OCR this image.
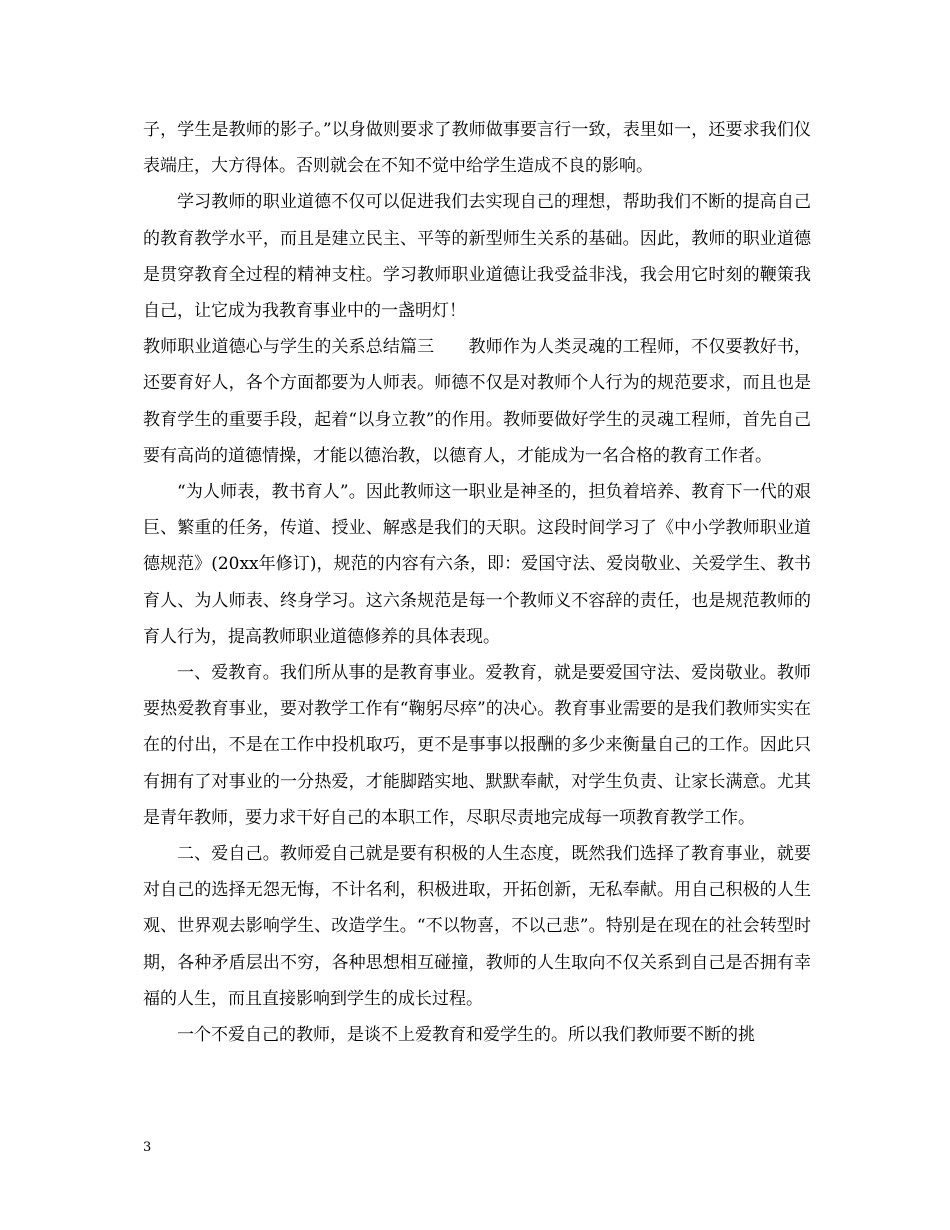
子，学生是教师的影子。”以身做则要求了教师做事要言行一致，表里如一，还要求我们仪表端庄，大方得体。否则就会在不知不觉中给学生造成不良的影响。

学习教师的职业道德不仅可以促进我们去实现自己的理想，帮助我们不断的提高自己的教育教学水平，而且是建立民主、平等的新型师生关系的基础。因此，教师的职业道德是贯穿教育全过程的精神支柱。学习教师职业道德让我受益非浅，我会用它时刻的鞭策我自己，让它成为我教育事业中的一盏明灯！

教师职业道德心与学生的关系总结篇三　　教师作为人类灵魂的工程师，不仅要教好书，还要育好人，各个方面都要为人师表。师德不仅是对教师个人行为的规范要求，而且也是教育学生的重要手段，起着“以身立教”的作用。教师要做好学生的灵魂工程师，首先自己要有高尚的道德情操，才能以德治教，以德育人，才能成为一名合格的教育工作者。

“为人师表，教书育人”。因此教师这一职业是神圣的，担负着培养、教育下一代的艰巨、繁重的任务，传道、授业、解惑是我们的天职。这段时间学习了《中小学教师职业道德规范》(20xx年修订)，规范的内容有六条，即：爱国守法、爱岗敬业、关爱学生、教书育人、为人师表、终身学习。这六条规范是每一个教师义不容辞的责任，也是规范教师的育人行为，提高教师职业道德修养的具体表现。

一、爱教育。我们所从事的是教育事业。爱教育，就是要爱国守法、爱岗敬业。教师要热爱教育事业，要对教学工作有“鞠躬尽瘁”的决心。教育事业需要的是我们教师实实在在的付出，不是在工作中投机取巧，更不是事事以报酬的多少来衡量自己的工作。因此只有拥有了对事业的一分热爱，才能脚踏实地、默默奉献，对学生负责、让家长满意。尤其是青年教师，要力求干好自己的本职工作，尽职尽责地完成每一项教育教学工作。

二、爱自己。教师爱自己就是要有积极的人生态度，既然我们选择了教育事业，就要对自己的选择无怨无悔，不计名利，积极进取，开拓创新，无私奉献。用自己积极的人生观、世界观去影响学生、改造学生。“不以物喜，不以己悲”。特别是在现在的社会转型时期，各种矛盾层出不穷，各种思想相互碰撞，教师的人生取向不仅关系到自己是否拥有幸福的人生，而且直接影响到学生的成长过程。

一个不爱自己的教师，是谈不上爱教育和爱学生的。所以我们教师要不断的挑

3
